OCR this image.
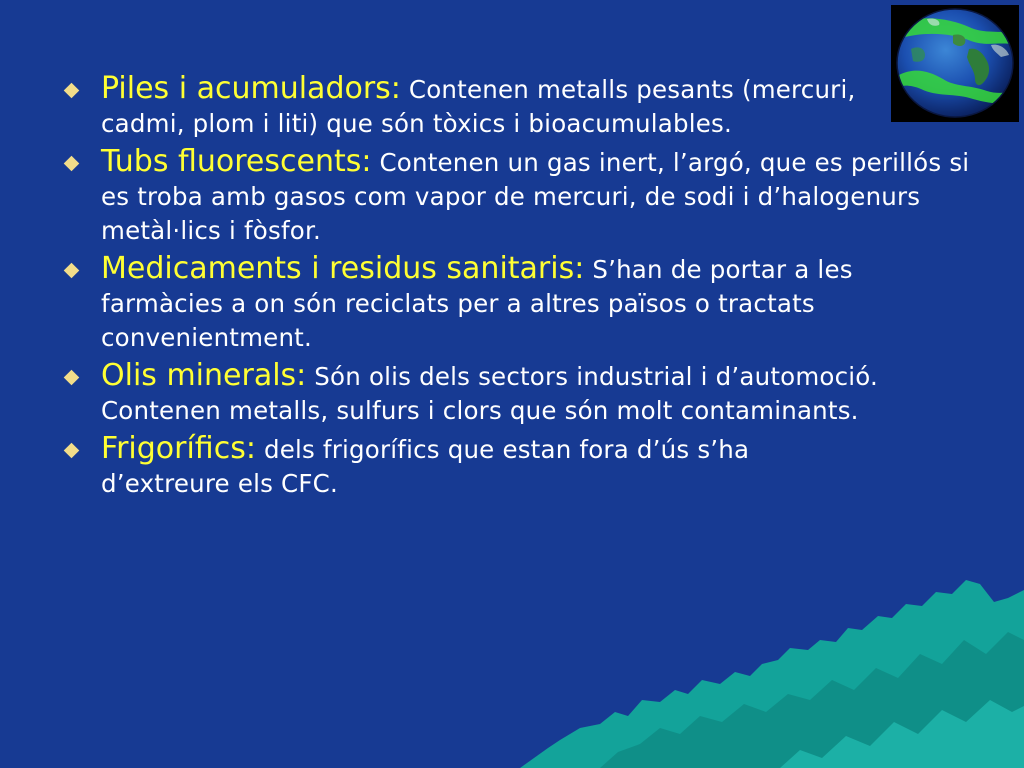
Piles i acumuladors: Contenen metalls pesants (mercuri, cadmi, plom i liti) que són tòxics i bioacumulables.
Tubs fluorescents: Contenen un gas inert, l’argó, que es perillós si es troba amb gasos com vapor de mercuri, de sodi i d’halogenurs metàl·lics i fòsfor.
Medicaments i residus sanitaris: S’han de portar a les farmàcies a on són reciclats per a altres països o tractats convenientment.
Olis minerals: Són olis dels sectors industrial i d’automoció. Contenen metalls, sulfurs i clors que són molt contaminants.
Frigorífics: dels frigorífics que estan fora d’ús s’ha d’extreure els CFC.
